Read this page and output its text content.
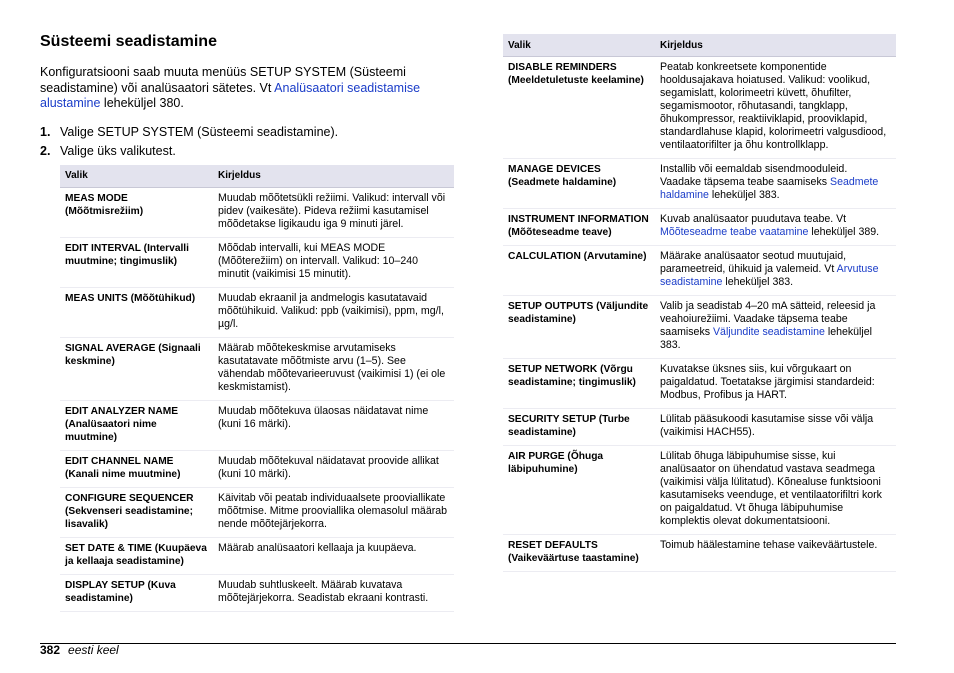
Süsteemi seadistamine

Konfiguratsiooni saab muuta menüüs SETUP SYSTEM (Süsteemi seadistamine) või analüsaatori sätetes. Vt Analüsaatori seadistamise alustamine leheküljel 380.

1. Valige SETUP SYSTEM (Süsteemi seadistamine).
2. Valige üks valikutest.
Valik	Kirjeldus
MEAS MODE (Mõõtmisrežiim)	Muudab mõõtetsükli režiimi. Valikud: intervall või pidev (vaikesäte). Pideva režiimi kasutamisel mõõdetakse ligikaudu iga 9 minuti järel.
EDIT INTERVAL (Intervalli muutmine; tingimuslik)	Mõõdab intervalli, kui MEAS MODE (Mõõterežiim) on intervall. Valikud: 10–240 minutit (vaikimisi 15 minutit).
MEAS UNITS (Mõõtühikud)	Muudab ekraanil ja andmelogis kasutatavaid mõõtühikuid. Valikud: ppb (vaikimisi), ppm, mg/l, µg/l.
SIGNAL AVERAGE (Signaali keskmine)	Määrab mõõtekeskmise arvutamiseks kasutatavate mõõtmiste arvu (1–5). See vähendab mõõtevarieeruvust (vaikimisi 1) (ei ole keskmistamist).
EDIT ANALYZER NAME (Analüsaatori nime muutmine)	Muudab mõõtekuva ülaosas näidatavat nime (kuni 16 märki).
EDIT CHANNEL NAME (Kanali nime muutmine)	Muudab mõõtekuval näidatavat proovide allikat (kuni 10 märki).
CONFIGURE SEQUENCER (Sekvenseri seadistamine; lisavalik)	Käivitab või peatab individuaalsete prooviallikate mõõtmise. Mitme prooviallika olemasolul määrab nende mõõtejärjekorra.
SET DATE & TIME (Kuupäeva ja kellaaja seadistamine)	Määrab analüsaatori kellaaja ja kuupäeva.
DISPLAY SETUP (Kuva seadistamine)	Muudab suhtluskeelt. Määrab kuvatava mõõtejärjekorra. Seadistab ekraani kontrasti.
Valik	Kirjeldus
DISABLE REMINDERS (Meeldetuletuste keelamine)	Peatab konkreetsete komponentide hooldusajakava hoiatused. Valikud: voolikud, segamislatt, kolorimeetri küvett, õhufilter, segamismootor, rõhutasandi, tangklapp, õhukompressor, reaktiiviklapid, prooviklapid, standardlahuse klapid, kolorimeetri valgusdiood, ventilaatorifilter ja õhu kontrollklapp.
MANAGE DEVICES (Seadmete haldamine)	Installib või eemaldab sisendmooduleid. Vaadake täpsema teabe saamiseks Seadmete haldamine leheküljel 383.
INSTRUMENT INFORMATION (Mõõteseadme teave)	Kuvab analüsaator puudutava teabe. Vt Mõõteseadme teabe vaatamine leheküljel 389.
CALCULATION (Arvutamine)	Määrake analüsaator seotud muutujaid, parameetreid, ühikuid ja valemeid. Vt Arvutuse seadistamine leheküljel 383.
SETUP OUTPUTS (Väljundite seadistamine)	Valib ja seadistab 4–20 mA sätteid, releesid ja veahoiurežiimi. Vaadake täpsema teabe saamiseks Väljundite seadistamine leheküljel 383.
SETUP NETWORK (Võrgu seadistamine; tingimuslik)	Kuvatakse üksnes siis, kui võrgukaart on paigaldatud. Toetatakse järgimisi standardeid: Modbus, Profibus ja HART.
SECURITY SETUP (Turbe seadistamine)	Lülitab pääsukoodi kasutamise sisse või välja (vaikimisi HACH55).
AIR PURGE (Õhuga läbipuhumine)	Lülitab õhuga läbipuhumise sisse, kui analüsaator on ühendatud vastava seadmega (vaikimisi välja lülitatud). Kõnealuse funktsiooni kasutamiseks veenduge, et ventilaatorifiltri kork on paigaldatud. Vt õhuga läbipuhumise komplektis olevat dokumentatsiooni.
RESET DEFAULTS (Vaikeväärtuse taastamine)	Toimub häälestamine tehase vaikeväärtustele.
382 eesti keel
